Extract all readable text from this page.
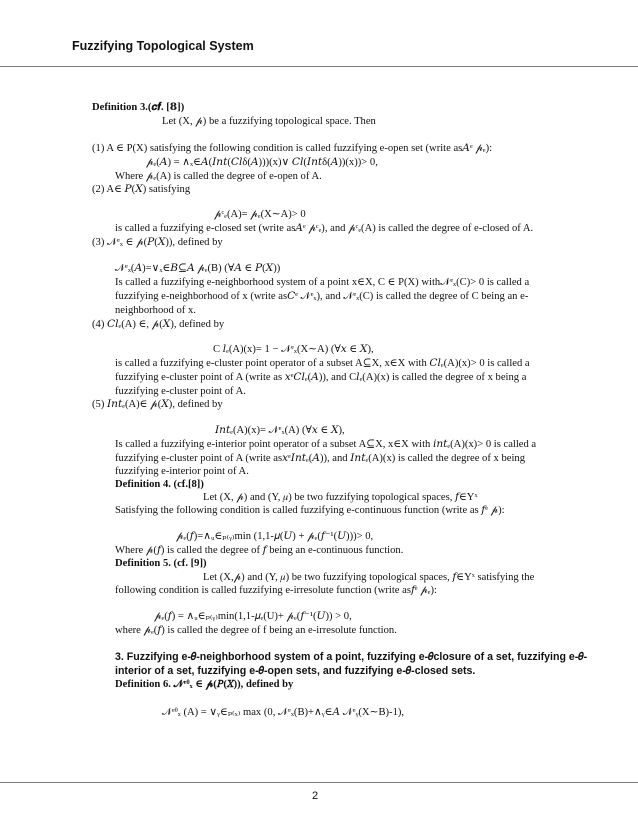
Fuzzifying Topological System
Definition 3.(𝒄𝒇. [𝟖])
Let (X, 𝓅) be a fuzzifying topological space. Then
(1) A ∈ P(X) satisfying the following condition is called fuzzifying e-open set (write as𝐴ᵉ 𝓅ₑ):
𝓅ₑ(𝐴) = ∧ₓ∈𝐴(𝐼𝑛𝑡(𝐶𝑙δ(𝐴)))(x)∨ 𝐶𝑙(𝐼𝑛𝑡δ(𝐴))(x))> 0,
Where 𝓅ₑ(A) is called the degree of e-open of A.
(2) A∈ 𝑃(𝑋) satisfying
𝓅ᶜₑ(A)= 𝓅ₑ(X∼A)> 0
is called a fuzzifying e-closed set (write as𝐴ᵉ 𝓅ᶜₑ), and 𝓅ᶜₑ(A) is called the degree of e-closed of A.
(3) 𝒩ᵉₓ ∈ 𝓅(𝑃(𝑋)), defined by
𝒩ᵉₓ(𝐴)=∨ₓ∈𝐵⊆𝐴 𝓅ₑ(B) (∀𝐴 ∈ 𝑃(𝑋))
Is called a fuzzifying e-neighborhood system of a point x∈X, C ∈ P(X) with𝒩ᵉₓ(C)> 0 is called a
fuzzifying e-neighborhood of x (write as𝐶ᵉ 𝒩ᵉₓ), and 𝒩ᵉₓ(C) is called the degree of C being an e-
neighborhood of x.
(4) 𝐶𝑙ₑ(A) ∈, 𝓅(𝑋), defined by
C 𝑙ₑ(A)(x)= 1 − 𝒩ᵉₓ(X∼A) (∀𝑥 ∈ 𝑋),
is called a fuzzifying e-cluster point operator of a subset A⊆X, x∈X with 𝐶𝑙ₑ(A)(x)> 0 is called a
fuzzifying e-cluster point of A (write as 𝑥ᵉ𝐶𝑙ₑ(𝐴)), and C𝑙ₑ(A)(x) is called the degree of x being a
fuzzifying e-cluster point of A.
(5) 𝐼𝑛𝑡ₑ(A)∈ 𝓅(𝑋), defined by
𝐼𝑛𝑡ₑ(A)(x)= 𝒩ᵉₓ(A) (∀𝑥 ∈ 𝑋),
Is called a fuzzifying e-interior point operator of a subset A⊆X, x∈X with 𝑖𝑛𝑡ₑ(A)(x)> 0 is called a
fuzzifying e-cluster point of A (write as𝑥ᵉ𝐼𝑛𝑡ₑ(𝐴)), and 𝐼𝑛𝑡ₑ(A)(x) is called the degree of x being
fuzzifying e-interior point of A.
Definition 4. (cf.[8])
Let (X, 𝓅) and (Y, 𝜇) be two fuzzifying topological spaces, 𝑓∈Yˣ
Satisfying the following condition is called fuzzifying e-continuous function (write as 𝑓ᵉ 𝓅):
𝓅ₑ(𝑓)=∧ᵤ∈ₚ₍ᵧ₎min (1,1-𝜇(𝑈) + 𝓅ₑ(𝑓⁻¹(𝑈)))> 0,
Where 𝓅(𝑓) is called the degree of 𝑓 being an e-continuous function.
Definition 5. (cf. [9])
Let (X,𝓅) and (Y, 𝜇) be two fuzzifying topological spaces, 𝑓∈Yˣ satisfying the
following condition is called fuzzifying e-irresolute function (write as𝑓ᵉ 𝓅ₑ):
𝓅ₑ(𝑓) = ∧ᵤ∈ₚ₍ᵧ₎min(1,1-𝜇ₑ(U)+ 𝓅ₑ(𝑓⁻¹(𝑈)) > 0,
where 𝓅ₑ(𝑓) is called the degree of f being an e-irresolute function.
3. Fuzzifying e-𝜃-neighborhood system of a point, fuzzifying e-𝜃closure of a set, fuzzifying e-𝜃-
interior of a set, fuzzifying e-𝜃-open sets, and fuzzifying e-𝜃-closed sets.
Definition 6. 𝒩ᵉᶿₓ ∈ 𝓅(𝑃(𝑋)), defined by
𝒩ᵉᶿₓ (A) = ∨ᵧ∈ₚ₍ₓ₎ max (0, 𝒩ᵉₓ(B)+∧ᵧ∈𝐴 𝒩ᵉᵧ(X∼B)-1),
2
